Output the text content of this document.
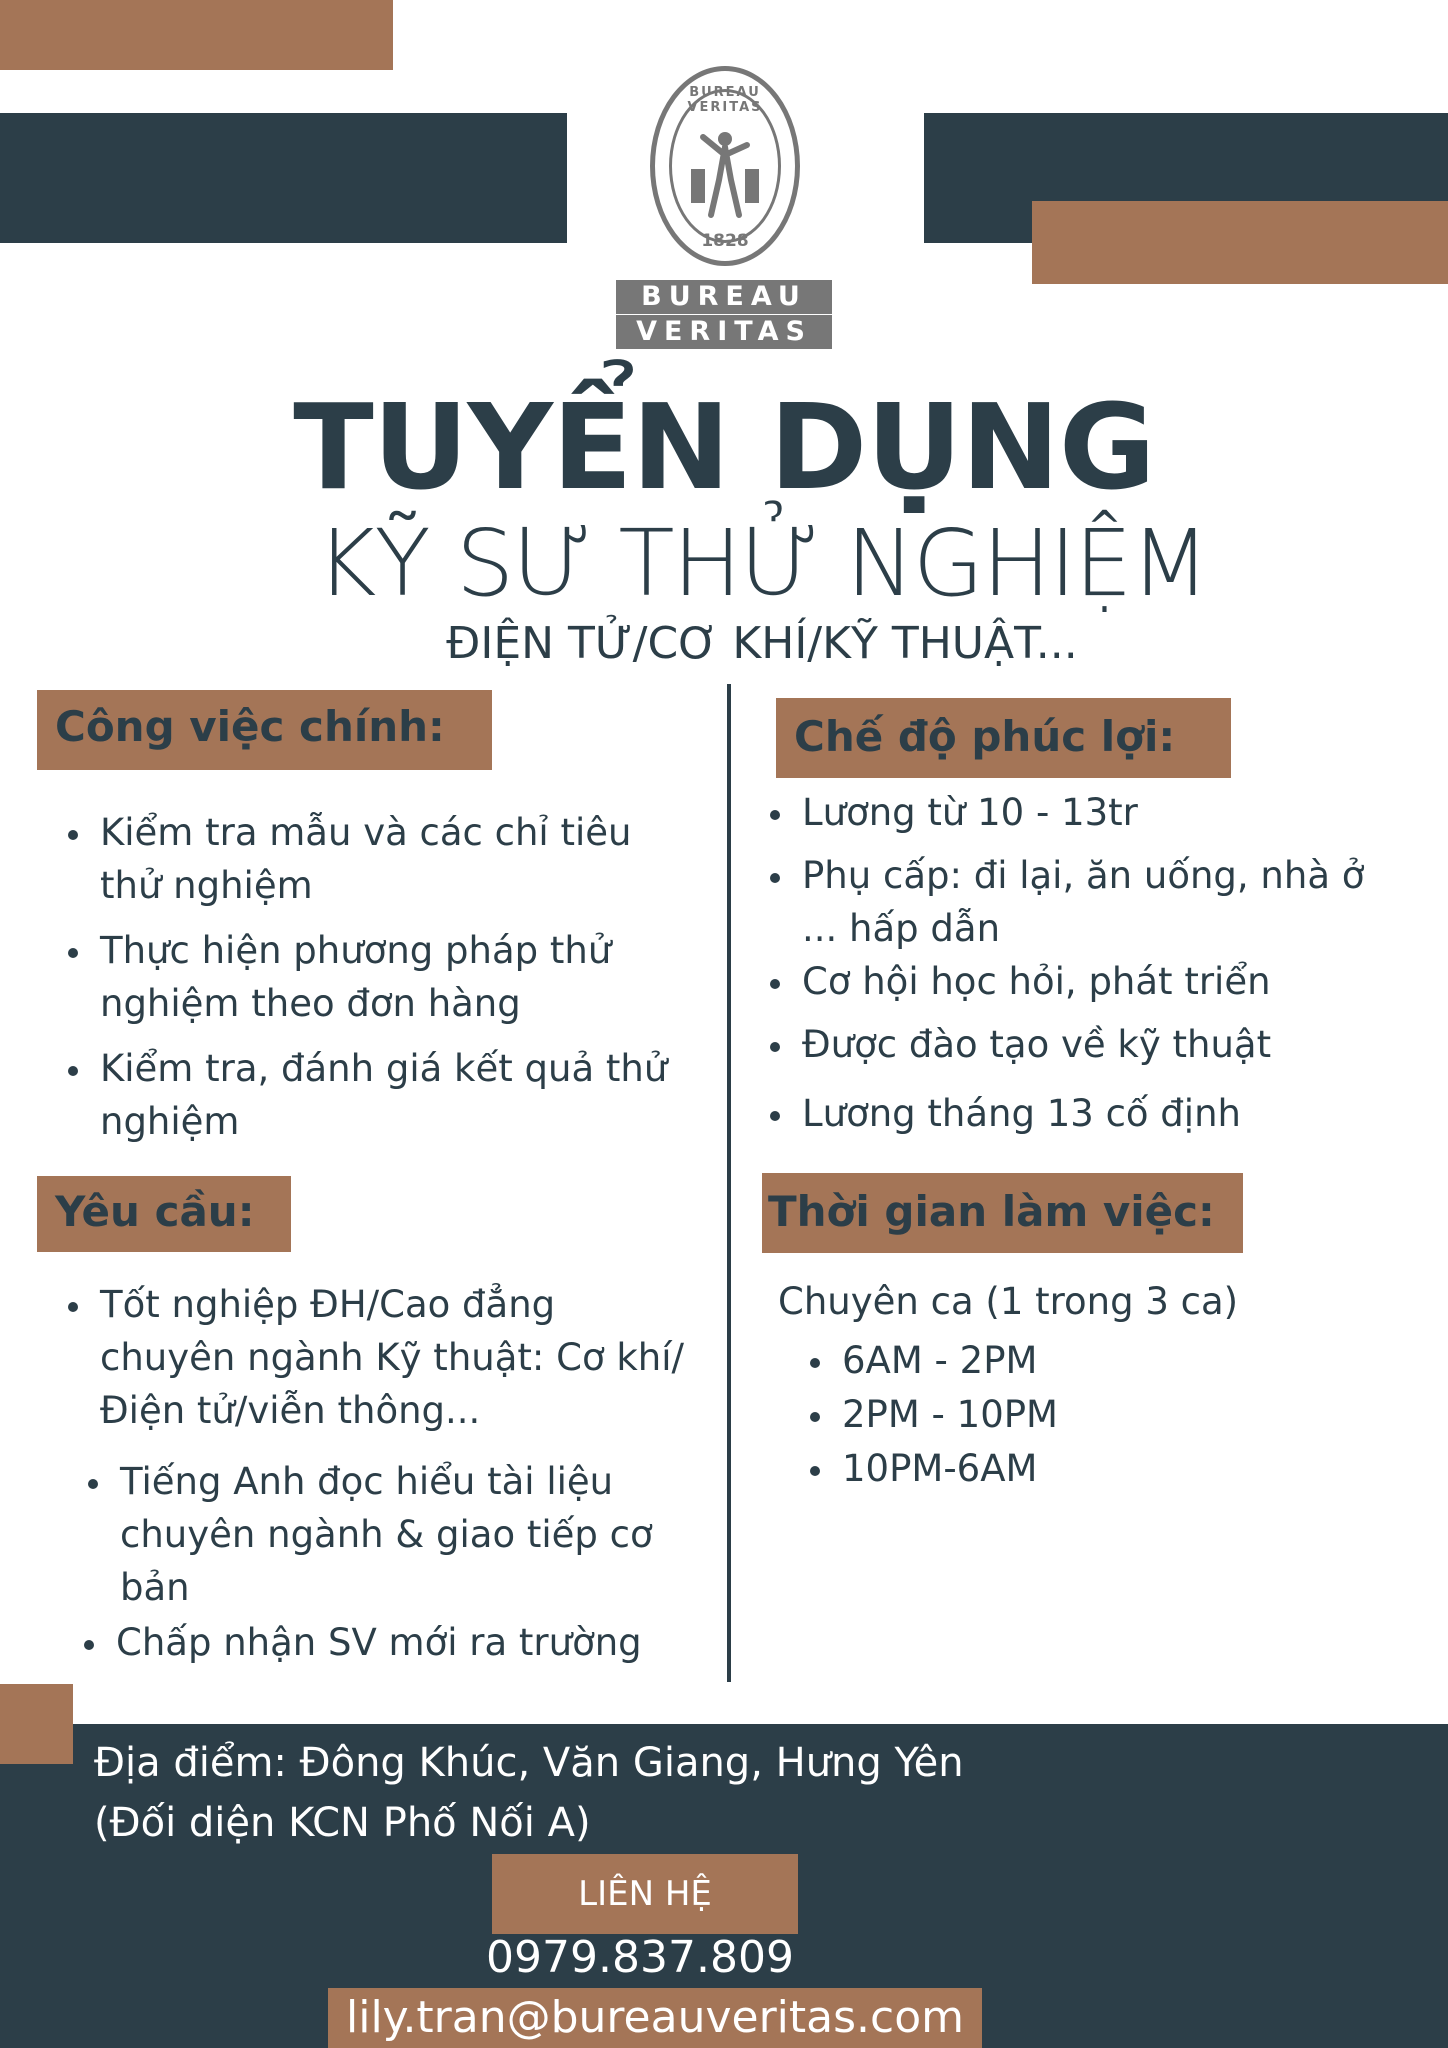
BUREAU VERITAS
1828
BUREAU
VERITAS
TUYỂN DỤNG
KỸ SƯ THỬ NGHIỆM
ĐIỆN TỬ/CƠ KHÍ/KỸ THUẬT...
Công việc chính:
Kiểm tra mẫu và các chỉ tiêu thử nghiệm
Thực hiện phương pháp thử nghiệm theo đơn hàng
Kiểm tra, đánh giá kết quả thử nghiệm
Yêu cầu:
Tốt nghiệp ĐH/Cao đẳng chuyên ngành Kỹ thuật: Cơ khí/Điện tử/viễn thông...
Tiếng Anh đọc hiểu tài liệu chuyên ngành & giao tiếp cơ bản
Chấp nhận SV mới ra trường
Chế độ phúc lợi:
Lương từ 10 - 13tr
Phụ cấp: đi lại, ăn uống, nhà ở ... hấp dẫn
Cơ hội học hỏi, phát triển
Được đào tạo về kỹ thuật
Lương tháng 13 cố định
Thời gian làm việc:
Chuyên ca (1 trong 3 ca)
6AM - 2PM
2PM - 10PM
10PM-6AM
Địa điểm: Đông Khúc, Văn Giang, Hưng Yên
(Đối diện KCN Phố Nối A)
LIÊN HỆ
0979.837.809
lily.tran@bureauveritas.com
